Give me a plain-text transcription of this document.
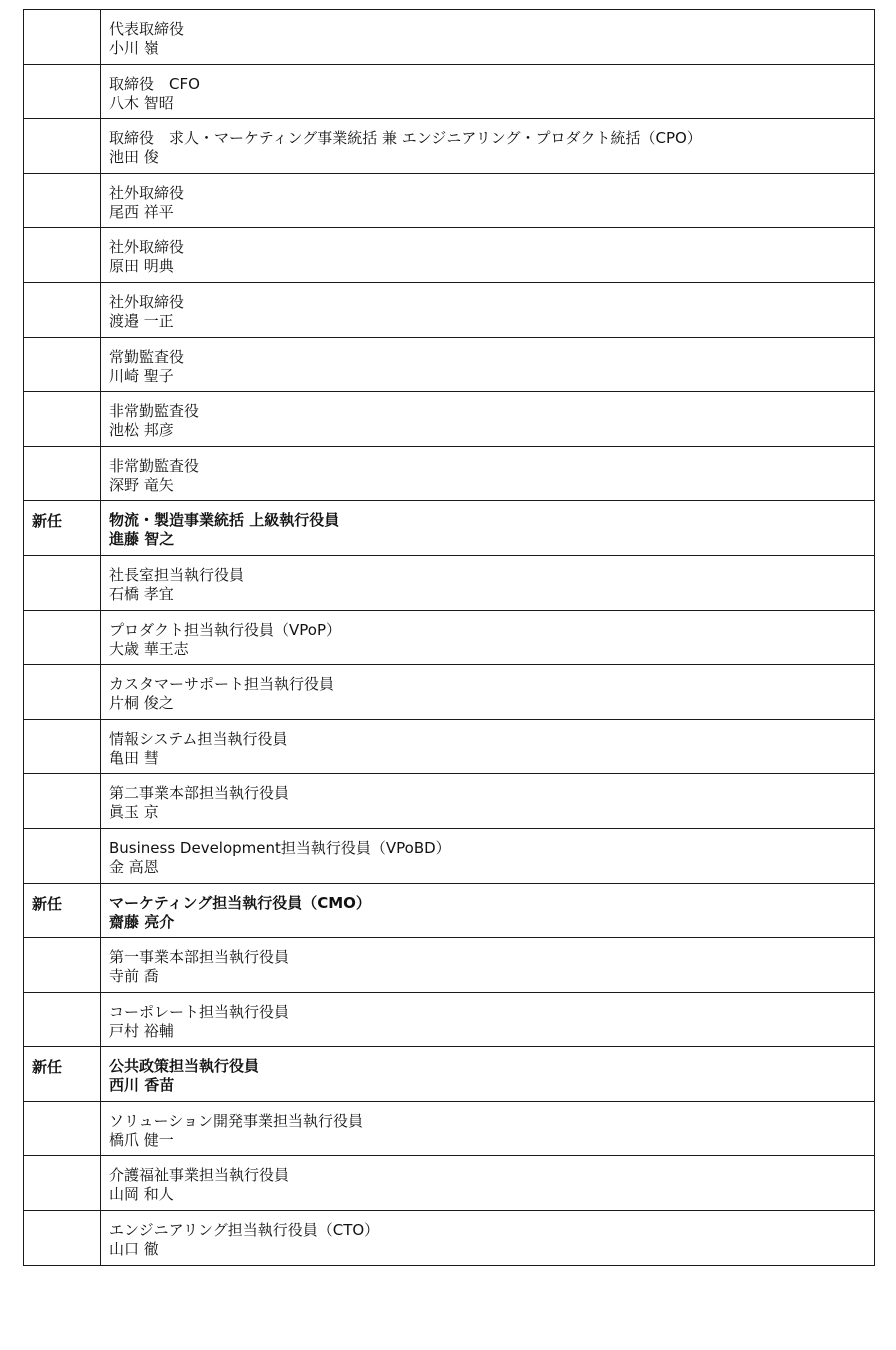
	代表取締役
小川 嶺

	取締役　CFO
八木 智昭

	取締役　求人・マーケティング事業統括 兼 エンジニアリング・プロダクト統括（CPO）
池田 俊

	社外取締役
尾西 祥平

	社外取締役
原田 明典

	社外取締役
渡邉 一正

	常勤監査役
川崎 聖子

	非常勤監査役
池松 邦彦

	非常勤監査役
深野 竜矢

新任	物流・製造事業統括 上級執行役員
進藤 智之

	社長室担当執行役員
石橋 孝宜

	プロダクト担当執行役員（VPoP）
大歳 華王志

	カスタマーサポート担当執行役員
片桐 俊之

	情報システム担当執行役員
亀田 彗

	第二事業本部担当執行役員
眞玉 京

	Business Development担当執行役員（VPoBD）
金 高恩

新任	マーケティング担当執行役員（CMO）
齋藤 亮介

	第一事業本部担当執行役員
寺前 喬

	コーポレート担当執行役員
戸村 裕輔

新任	公共政策担当執行役員
西川 香苗

	ソリューション開発事業担当執行役員
橋爪 健一

	介護福祉事業担当執行役員
山岡 和人

	エンジニアリング担当執行役員（CTO）
山口 徹
